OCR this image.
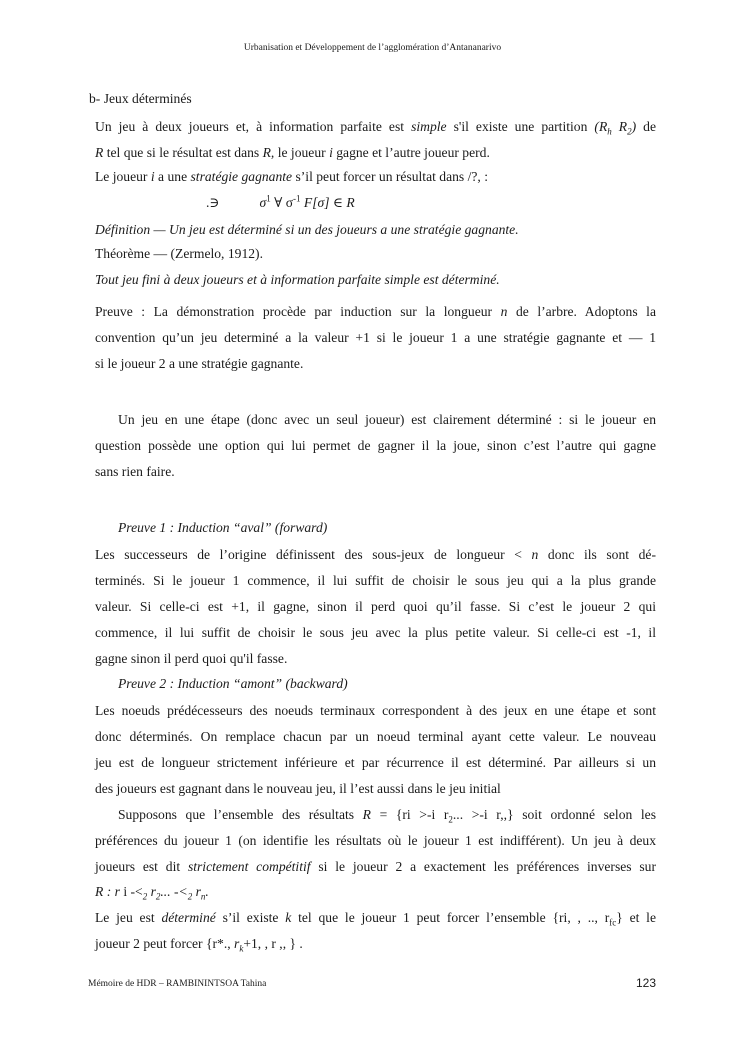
Urbanisation et Développement de l’agglomération d’Antananarivo
b- Jeux déterminés
Un jeu à deux joueurs et, à information parfaite est simple s'il existe une partition ($R_h$ $R_2$) de
R tel que si le résultat est dans R, le joueur i gagne et l’autre joueur perd.
Le joueur i a une stratégie gagnante s’il peut forcer un résultat dans /?, :
.∋	$\sigma^1$ ∀ $\sigma^{-1}$ F[σ] ∈ R
Définition — Un jeu est déterminé si un des joueurs a une stratégie gagnante.
Théorème — (Zermelo, 1912).
Tout jeu fini à deux joueurs et à information parfaite simple est déterminé.
Preuve : La démonstration procède par induction sur la longueur n de l’arbre. Adoptons la
convention qu’un jeu determiné a la valeur +1 si le joueur 1 a une stratégie gagnante et — 1
si le joueur 2 a une stratégie gagnante.
Un jeu en une étape (donc avec un seul joueur) est clairement déterminé : si le joueur en
question possède une option qui lui permet de gagner il la joue, sinon c’est l’autre qui gagne
sans rien faire.
Preuve 1 : Induction “aval” (forward)
Les successeurs de l’origine définissent des sous-jeux de longueur < n donc ils sont dé-
terminés. Si le joueur 1 commence, il lui suffit de choisir le sous jeu qui a la plus grande
valeur. Si celle-ci est +1, il gagne, sinon il perd quoi qu’il fasse. Si c’est le joueur 2 qui
commence, il lui suffit de choisir le sous jeu avec la plus petite valeur. Si celle-ci est -1, il
gagne sinon il perd quoi qu'il fasse.
Preuve 2 : Induction “amont” (backward)
Les noeuds prédécesseurs des noeuds terminaux correspondent à des jeux en une étape et sont
donc déterminés. On remplace chacun par un noeud terminal ayant cette valeur. Le nouveau
jeu est de longueur strictement inférieure et par récurrence il est déterminé. Par ailleurs si un
des joueurs est gagnant dans le nouveau jeu, il l’est aussi dans le jeu initial
Supposons que l’ensemble des résultats R = {ri >-i $r_2$... >-i r,,} soit ordonné selon les
préférences du joueur 1 (on identifie les résultats où le joueur 1 est indifférent). Un jeu à deux
joueurs est dit strictement compétitif si le joueur 2 a exactement les préférences inverses sur
R : r i $-<_2$ $r_2$... $-<_2$ $r_n$.
Le jeu est déterminé s’il existe k tel que le joueur 1 peut forcer l’ensemble {ri, , .., $r_{fc}$} et le
joueur 2 peut forcer {r*., $r_k+1$, , r ,, } .
Mémoire de HDR – RAMBININTSOA Tahina	123
